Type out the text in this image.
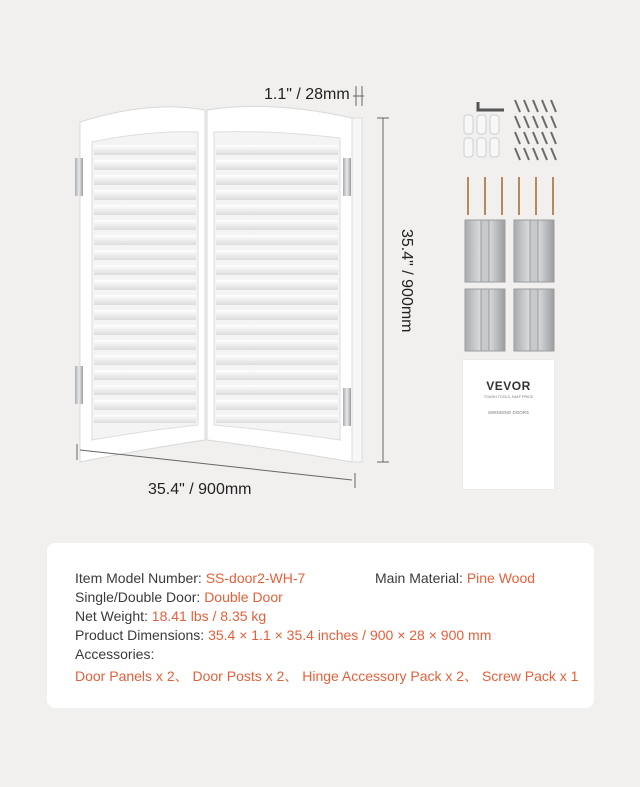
1.1" / 28mm
35.4" / 900mm
35.4" / 900mm
VEVOR
TOUGH TOOLS, HALF PRICE
SWINGING DOORS
Item Model Number: SS-door2-WH-7	Main Material: Pine Wood
Single/Double Door: Double Door
Net Weight: 18.41 lbs / 8.35 kg
Product Dimensions: 35.4 × 1.1 × 35.4 inches / 900 × 28 × 900 mm
Accessories:
Door Panels x 2、 Door Posts x 2、 Hinge Accessory Pack x 2、 Screw Pack x 1
